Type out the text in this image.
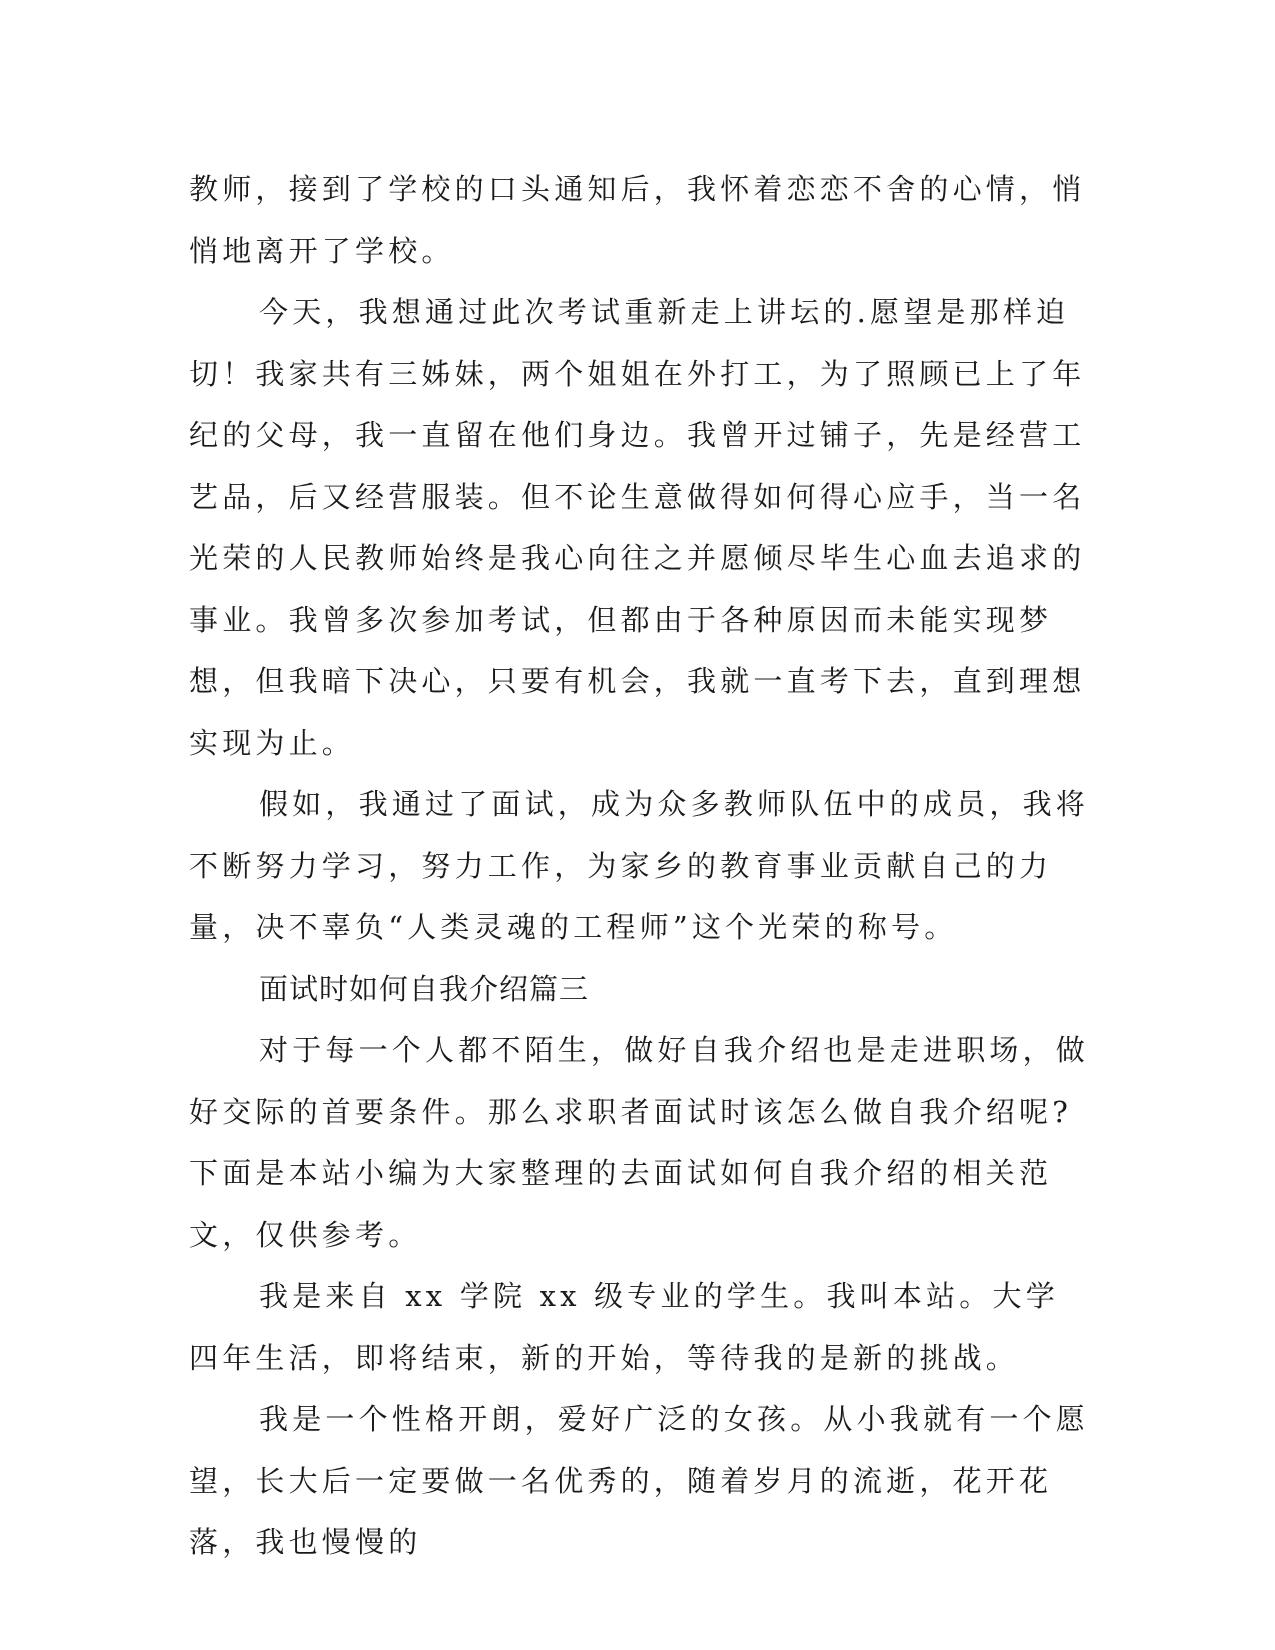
教师，接到了学校的口头通知后，我怀着恋恋不舍的心情，悄悄地离开了学校。

今天，我想通过此次考试重新走上讲坛的.愿望是那样迫切！我家共有三姊妹，两个姐姐在外打工，为了照顾已上了年纪的父母，我一直留在他们身边。我曾开过铺子，先是经营工艺品，后又经营服装。但不论生意做得如何得心应手，当一名光荣的人民教师始终是我心向往之并愿倾尽毕生心血去追求的事业。我曾多次参加考试，但都由于各种原因而未能实现梦想，但我暗下决心，只要有机会，我就一直考下去，直到理想实现为止。

假如，我通过了面试，成为众多教师队伍中的成员，我将不断努力学习，努力工作，为家乡的教育事业贡献自己的力量，决不辜负“人类灵魂的工程师”这个光荣的称号。

面试时如何自我介绍篇三

对于每一个人都不陌生，做好自我介绍也是走进职场，做好交际的首要条件。那么求职者面试时该怎么做自我介绍呢?下面是本站小编为大家整理的去面试如何自我介绍的相关范文，仅供参考。

我是来自 xx 学院 xx 级专业的学生。我叫本站。大学四年生活，即将结束，新的开始，等待我的是新的挑战。

我是一个性格开朗，爱好广泛的女孩。从小我就有一个愿望，长大后一定要做一名优秀的，随着岁月的流逝，花开花落，我也慢慢的
